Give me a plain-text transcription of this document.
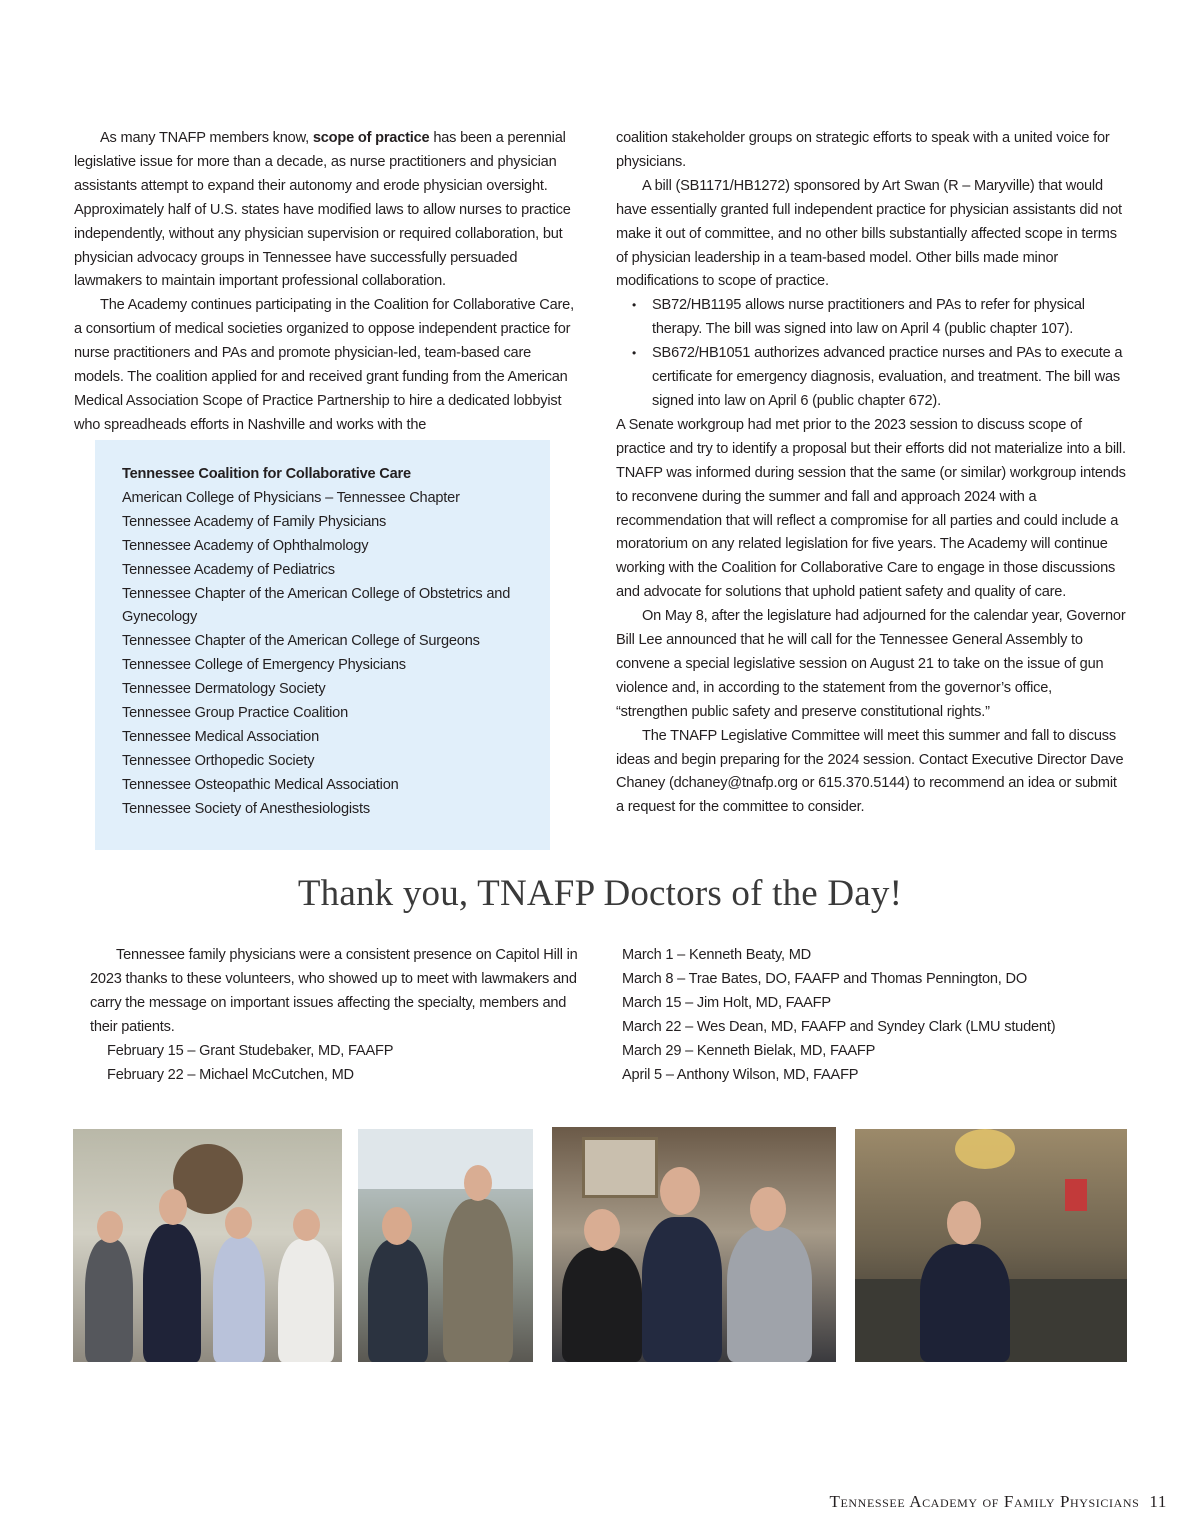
As many TNAFP members know, scope of practice has been a perennial legislative issue for more than a decade, as nurse practitioners and physician assistants attempt to expand their autonomy and erode physician oversight. Approximately half of U.S. states have modified laws to allow nurses to practice independently, without any physician supervision or required collaboration, but physician advocacy groups in Tennessee have successfully persuaded lawmakers to maintain important professional collaboration.

The Academy continues participating in the Coalition for Collaborative Care, a consortium of medical societies organized to oppose independent practice for nurse practitioners and PAs and promote physician-led, team-based care models. The coalition applied for and received grant funding from the American Medical Association Scope of Practice Partnership to hire a dedicated lobbyist who spreadheads efforts in Nashville and works with the

Tennessee Coalition for Collaborative Care
American College of Physicians – Tennessee Chapter
Tennessee Academy of Family Physicians
Tennessee Academy of Ophthalmology
Tennessee Academy of Pediatrics
Tennessee Chapter of the American College of Obstetrics and Gynecology
Tennessee Chapter of the American College of Surgeons
Tennessee College of Emergency Physicians
Tennessee Dermatology Society
Tennessee Group Practice Coalition
Tennessee Medical Association
Tennessee Orthopedic Society
Tennessee Osteopathic Medical Association
Tennessee Society of Anesthesiologists

coalition stakeholder groups on strategic efforts to speak with a united voice for physicians.

A bill (SB1171/HB1272) sponsored by Art Swan (R – Maryville) that would have essentially granted full independent practice for physician assistants did not make it out of committee, and no other bills substantially affected scope in terms of physician leadership in a team-based model. Other bills made minor modifications to scope of practice.

• SB72/HB1195 allows nurse practitioners and PAs to refer for physical therapy. The bill was signed into law on April 4 (public chapter 107).
• SB672/HB1051 authorizes advanced practice nurses and PAs to execute a certificate for emergency diagnosis, evaluation, and treatment. The bill was signed into law on April 6 (public chapter 672).

A Senate workgroup had met prior to the 2023 session to discuss scope of practice and try to identify a proposal but their efforts did not materialize into a bill. TNAFP was informed during session that the same (or similar) workgroup intends to reconvene during the summer and fall and approach 2024 with a recommendation that will reflect a compromise for all parties and could include a moratorium on any related legislation for five years. The Academy will continue working with the Coalition for Collaborative Care to engage in those discussions and advocate for solutions that uphold patient safety and quality of care.

On May 8, after the legislature had adjourned for the calendar year, Governor Bill Lee announced that he will call for the Tennessee General Assembly to convene a special legislative session on August 21 to take on the issue of gun violence and, in according to the statement from the governor’s office, “strengthen public safety and preserve constitutional rights.”

The TNAFP Legislative Committee will meet this summer and fall to discuss ideas and begin preparing for the 2024 session. Contact Executive Director Dave Chaney (dchaney@tnafp.org or 615.370.5144) to recommend an idea or submit a request for the committee to consider.

Thank you, TNAFP Doctors of the Day!

Tennessee family physicians were a consistent presence on Capitol Hill in 2023 thanks to these volunteers, who showed up to meet with lawmakers and carry the message on important issues affecting the specialty, members and their patients.

February 15 – Grant Studebaker, MD, FAAFP
February 22 – Michael McCutchen, MD
March 1 – Kenneth Beaty, MD
March 8 – Trae Bates, DO, FAAFP and Thomas Pennington, DO
March 15 – Jim Holt, MD, FAAFP
March 22 – Wes Dean, MD, FAAFP and Syndey Clark (LMU student)
March 29 – Kenneth Bielak, MD, FAAFP
April 5 – Anthony Wilson, MD, FAAFP
Tennessee Academy of Family Physicians 11
